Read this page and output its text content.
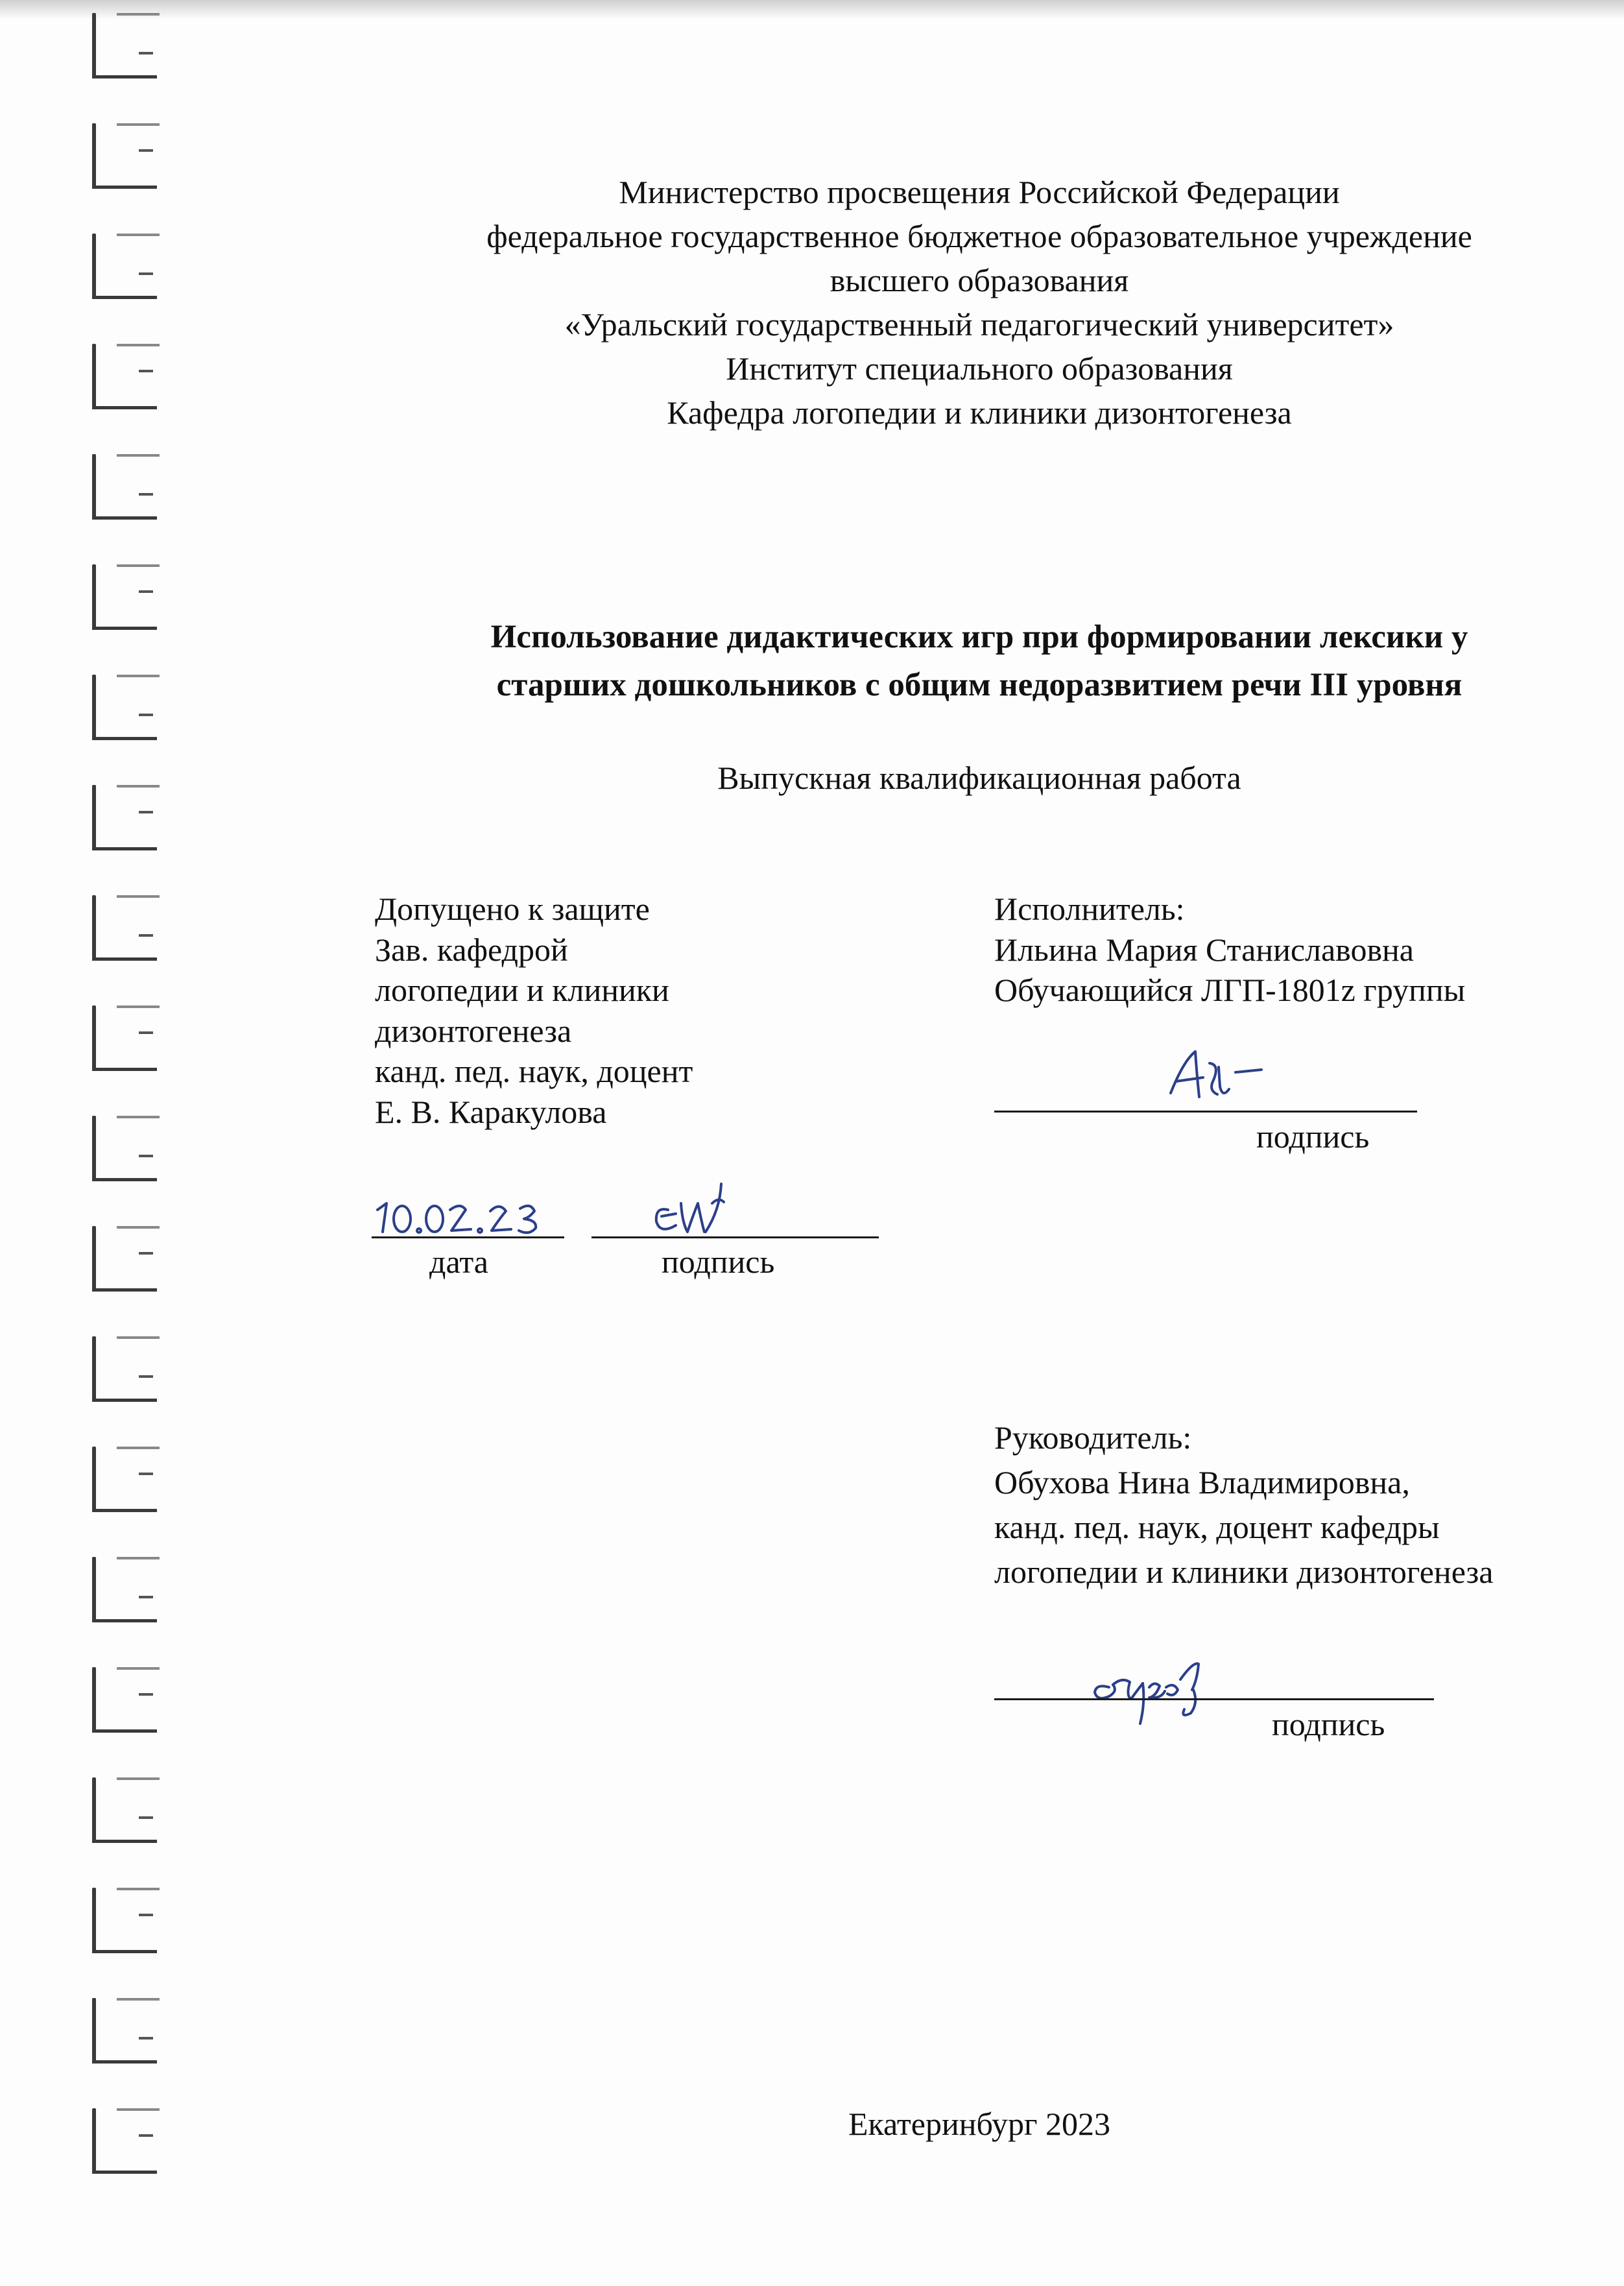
Министерство просвещения Российской Федерации
федеральное государственное бюджетное образовательное учреждение
высшего образования
«Уральский государственный педагогический университет»
Институт специального образования
Кафедра логопедии и клиники дизонтогенеза
Использование дидактических игр при формировании лексики у
старших дошкольников с общим недоразвитием речи III уровня
Выпускная квалификационная работа
Допущено к защите
Зав. кафедрой
логопедии и клиники
дизонтогенеза
канд. пед. наук, доцент
Е. В. Каракулова
дата	подпись
Исполнитель:
Ильина Мария Станиславовна
Обучающийся ЛГП-1801z группы
подпись
Руководитель:
Обухова Нина Владимировна,
канд. пед. наук, доцент кафедры
логопедии и клиники дизонтогенеза
подпись
Екатеринбург 2023
